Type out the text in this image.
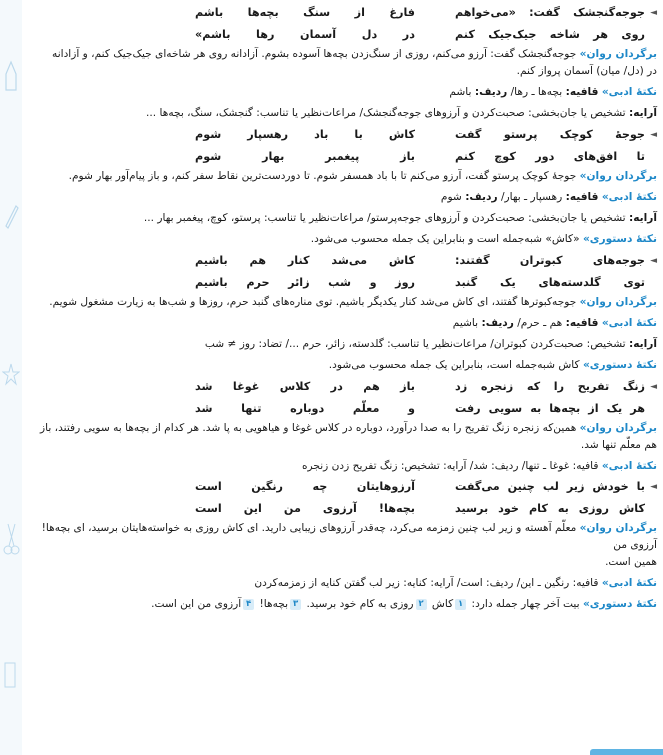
◄
جوجه‌گنجشک گفت: «می‌خواهم
فارغ از سنگ بچه‌ها باشم
روی هر شاخه جیک‌جیک کنم
در دل آسمان رها باشم»
برگردان روان» جوجه‌گنجشک گفت: آرزو می‌کنم، روزی از سنگ‌زدن بچه‌ها آسوده بشوم. آزادانه روی هر شاخه‌ای جیک‌جیک کنم، و آزادانه
در (دل/ میان) آسمان پرواز کنم.
نکتهٔ ادبی» قافیه: بچه‌ها ـ رها/ ردیف: باشم
آرایه: تشخیص یا جان‌بخشی: صحبت‌کردن و آرزوهای جوجه‌گنجشک/ مراعات‌نظیر یا تناسب: گنجشک، سنگ، بچه‌ها ...
◄
جوجهٔ کوچک پرستو گفت
کاش با باد رهسپار شوم
تا افق‌های دور کوچ کنم
باز پیغمبر بهار شوم
برگردان روان» جوجهٔ کوچک پرستو گفت، آرزو می‌کنم تا با باد همسفر شوم. تا دوردست‌ترین نقاط سفر کنم، و باز پیام‌آور بهار شوم.
نکتهٔ ادبی» قافیه: رهسپار ـ بهار/ ردیف: شوم
آرایه: تشخیص یا جان‌بخشی: صحبت‌کردن و آرزوهای جوجه‌پرستو/ مراعات‌نظیر یا تناسب: پرستو، کوچ، پیغمبر بهار ...
نکتهٔ دستوری» «کاش» شبه‌جمله است و بنابراین یک جمله محسوب می‌شود.
◄
جوجه‌های کبوتران گفتند:
کاش می‌شد کنار هم باشیم
توی گلدسته‌های یک گنبد
روز و شب زائر حرم باشیم
برگردان روان» جوجه‌کبوترها گفتند، ای کاش می‌شد کنار یکدیگر باشیم. توی مناره‌های گنبد حرم، روزها و شب‌ها به زیارت مشغول شویم.
نکتهٔ ادبی» قافیه: هم ـ حرم/ ردیف: باشیم
آرایه: تشخیص: صحبت‌کردن کبوتران/ مراعات‌نظیر یا تناسب: گلدسته، زائر، حرم .../ تضاد: روز ≠ شب
نکتهٔ دستوری» کاش شبه‌جمله است، بنابراین یک جمله محسوب می‌شود.
◄
زنگ تفریح را که زنجره زد
باز هم در کلاس غوغا شد
هر یک از بچه‌ها به سویی رفت
و معلّم دوباره تنها شد
برگردان روان» همین‌که زنجره زنگ تفریح را به صدا درآورد، دوباره در کلاس غوغا و هیاهویی به پا شد. هر کدام از بچه‌ها به سویی رفتند، باز
هم معلّم تنها شد.
نکتهٔ ادبی» قافیه: غوغا ـ تنها/ ردیف: شد/ آرایه: تشخیص: زنگ تفریح زدن زنجره
◄
با خودش زیر لب چنین می‌گفت
آرزوهایتان چه رنگین است
کاش روزی به کام خود برسید
بچه‌ها! آرزوی من این است
برگردان روان» معلّم آهسته و زیر لب چنین زمزمه می‌کرد، چه‌قدر آرزوهای زیبایی دارید. ای کاش روزی به خواسته‌هایتان برسید، ای بچه‌ها! آرزوی من
همین است.
نکتهٔ ادبی» قافیه: رنگین ـ این/ ردیف: است/ آرایه: کنایه: زیر لب گفتن کنایه از زمزمه‌کردن
نکتهٔ دستوری» بیت آخر چهار جمله دارد: ۱کاش ۲روزی به کام خود برسید. ۳بچه‌ها! ۴آرزوی من این است.
